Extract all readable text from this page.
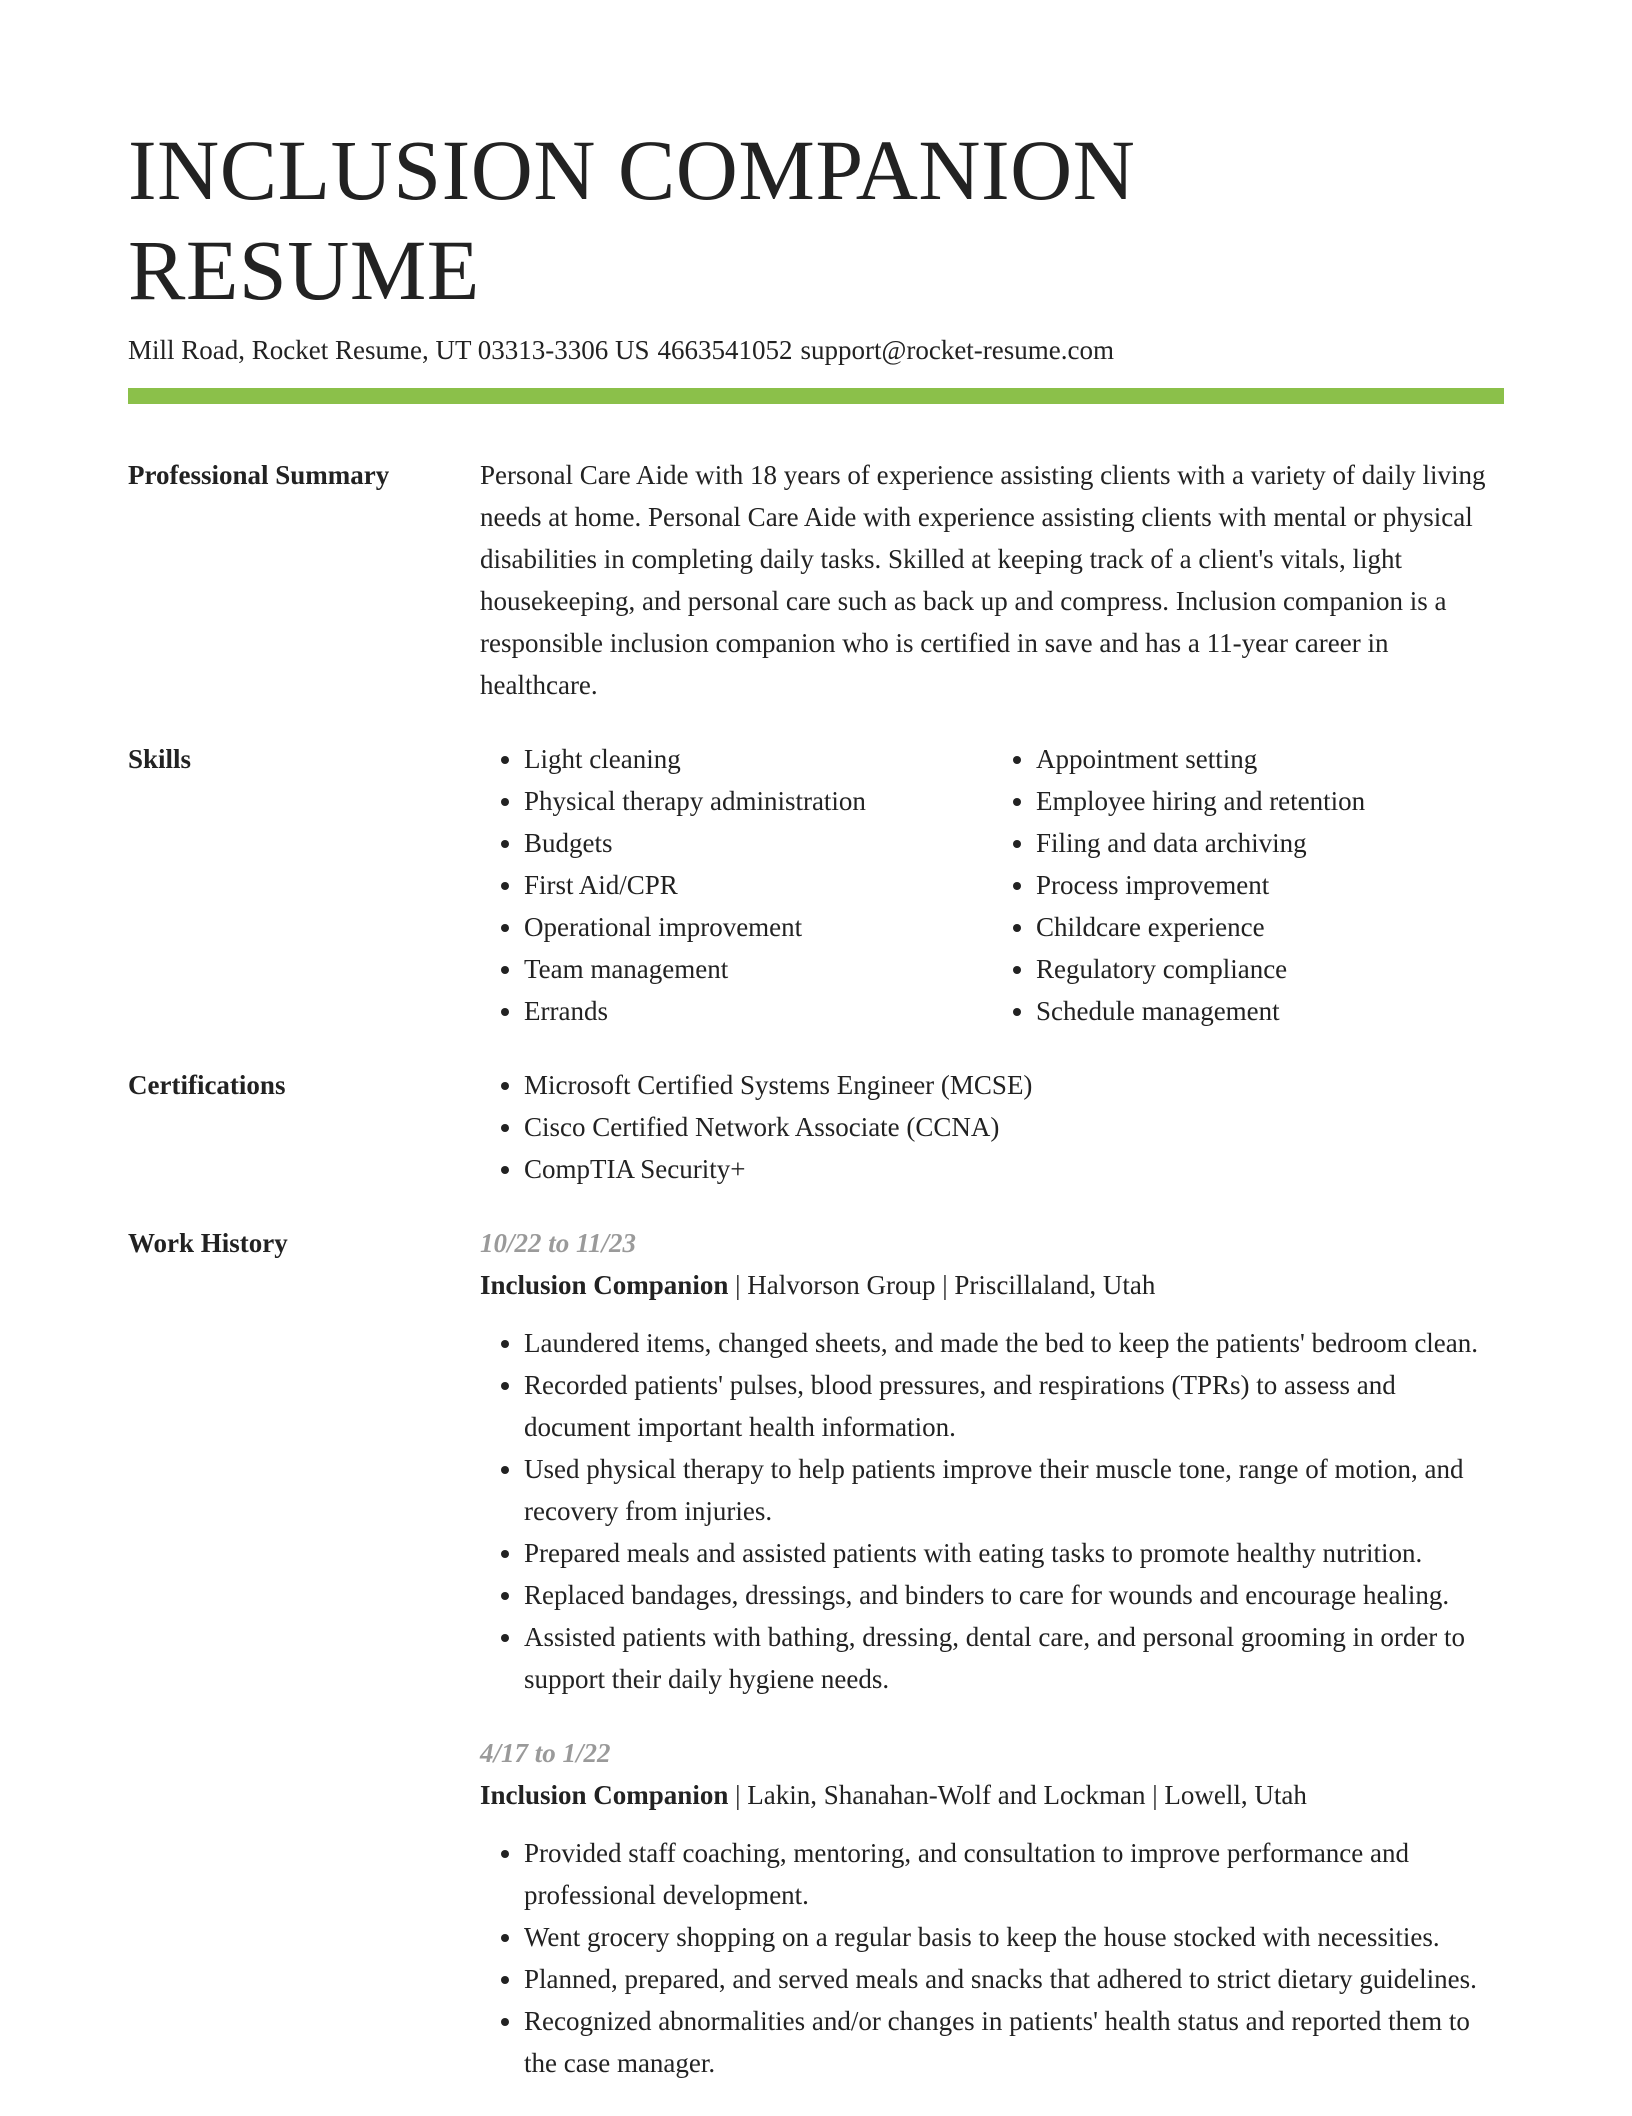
INCLUSION COMPANION RESUME
Mill Road, Rocket Resume, UT 03313-3306 US 4663541052 support@rocket-resume.com
Professional Summary	Personal Care Aide with 18 years of experience assisting clients with a variety of daily living needs at home. Personal Care Aide with experience assisting clients with mental or physical disabilities in completing daily tasks. Skilled at keeping track of a client's vitals, light housekeeping, and personal care such as back up and compress. Inclusion companion is a responsible inclusion companion who is certified in save and has a 11-year career in healthcare.

Skills	• Light cleaning
• Physical therapy administration
• Budgets
• First Aid/CPR
• Operational improvement
• Team management
• Errands
• Appointment setting
• Employee hiring and retention
• Filing and data archiving
• Process improvement
• Childcare experience
• Regulatory compliance
• Schedule management
Certifications	• Microsoft Certified Systems Engineer (MCSE)
• Cisco Certified Network Associate (CCNA)
• CompTIA Security+
Work History	10/22 to 11/23
Inclusion Companion | Halvorson Group | Priscillaland, Utah
• Laundered items, changed sheets, and made the bed to keep the patients' bedroom clean.
• Recorded patients' pulses, blood pressures, and respirations (TPRs) to assess and document important health information.
• Used physical therapy to help patients improve their muscle tone, range of motion, and recovery from injuries.
• Prepared meals and assisted patients with eating tasks to promote healthy nutrition.
• Replaced bandages, dressings, and binders to care for wounds and encourage healing.
• Assisted patients with bathing, dressing, dental care, and personal grooming in order to support their daily hygiene needs.
4/17 to 1/22
Inclusion Companion | Lakin, Shanahan-Wolf and Lockman | Lowell, Utah
• Provided staff coaching, mentoring, and consultation to improve performance and professional development.
• Went grocery shopping on a regular basis to keep the house stocked with necessities.
• Planned, prepared, and served meals and snacks that adhered to strict dietary guidelines.
• Recognized abnormalities and/or changes in patients' health status and reported them to the case manager.
